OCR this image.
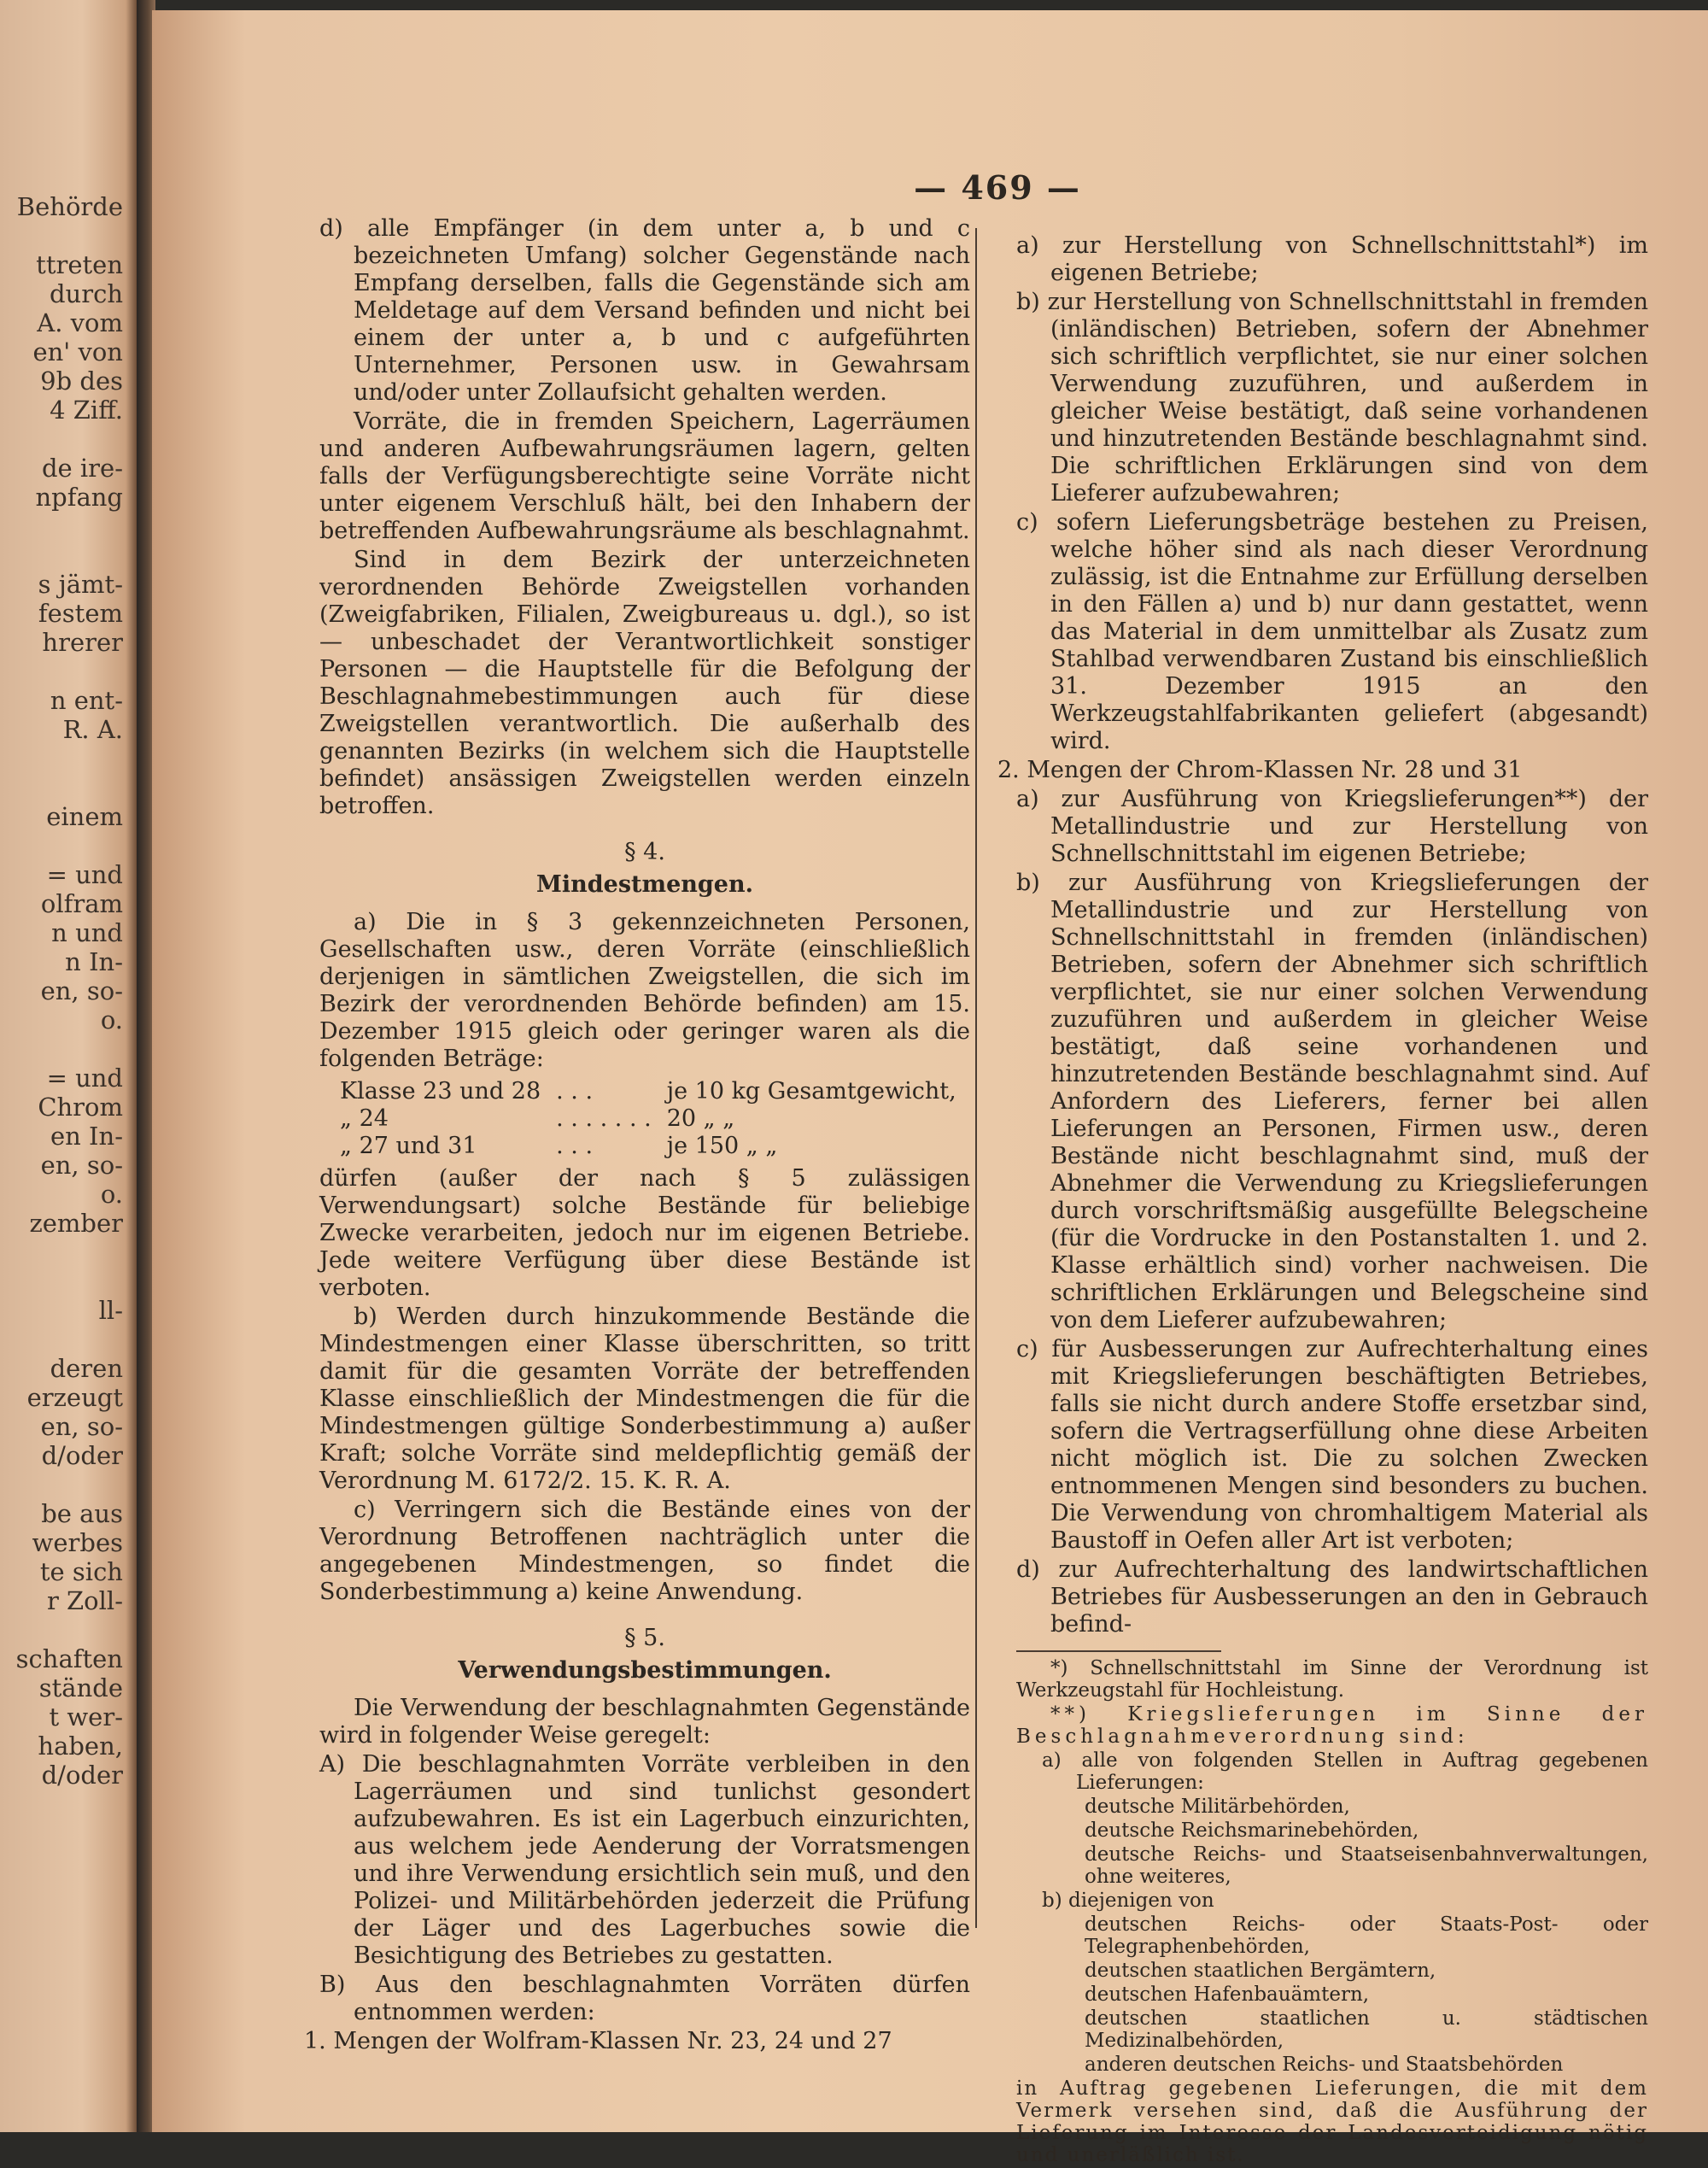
Behörde
ttreten
durch
A. vom
en' von
9b des
4 Ziff.
de ire-
npfang
s jämt-
festem
hrerer
n ent-
R. A.
einem
= und
olfram
n und
n In-
en, so-
o.
= und
Chrom
en In-
en, so-
o.
zember
ll-
deren
erzeugt
en, so-
d/oder
be aus
werbes
te sich
r Zoll-
schaften
stände
t wer-
haben,
d/oder
— 469 —

d) alle Empfänger (in dem unter a, b und c bezeichneten Umfang) solcher Gegenstände nach Empfang derselben, falls die Gegenstände sich am Meldetage auf dem Versand befinden und nicht bei einem der unter a, b und c aufgeführten Unternehmer, Personen usw. in Gewahrsam und/oder unter Zollaufsicht gehalten werden.

Vorräte, die in fremden Speichern, Lagerräumen und anderen Aufbewahrungsräumen lagern, gelten falls der Verfügungsberechtigte seine Vorräte nicht unter eigenem Verschluß hält, bei den Inhabern der betreffenden Aufbewahrungsräume als beschlagnahmt.

Sind in dem Bezirk der unterzeichneten verordnenden Behörde Zweigstellen vorhanden (Zweigfabriken, Filialen, Zweigbureaus u. dgl.), so ist — unbeschadet der Verantwortlichkeit sonstiger Personen — die Hauptstelle für die Befolgung der Beschlagnahmebestimmungen auch für diese Zweigstellen verantwortlich. Die außerhalb des genannten Bezirks (in welchem sich die Hauptstelle befindet) ansässigen Zweigstellen werden einzeln betroffen.

§ 4.
Mindestmengen.

a) Die in § 3 gekennzeichneten Personen, Gesellschaften usw., deren Vorräte (einschließlich derjenigen in sämtlichen Zweigstellen, die sich im Bezirk der verordnenden Behörde befinden) am 15. Dezember 1915 gleich oder geringer waren als die folgenden Beträge:

Klasse 23 und 28	. . .	je 10 kg Gesamtgewicht,
„ 24	. . . . . . .	20 „ „
„ 27 und 31	. . .	je 150 „ „

dürfen (außer der nach § 5 zulässigen Verwendungsart) solche Bestände für beliebige Zwecke verarbeiten, jedoch nur im eigenen Betriebe. Jede weitere Verfügung über diese Bestände ist verboten.

b) Werden durch hinzukommende Bestände die Mindestmengen einer Klasse überschritten, so tritt damit für die gesamten Vorräte der betreffenden Klasse einschließlich der Mindestmengen die für die Mindestmengen gültige Sonderbestimmung a) außer Kraft; solche Vorräte sind meldepflichtig gemäß der Verordnung M. 6172/2. 15. K. R. A.

c) Verringern sich die Bestände eines von der Verordnung Betroffenen nachträglich unter die angegebenen Mindestmengen, so findet die Sonderbestimmung a) keine Anwendung.

§ 5.
Verwendungsbestimmungen.

Die Verwendung der beschlagnahmten Gegenstände wird in folgender Weise geregelt:

A) Die beschlagnahmten Vorräte verbleiben in den Lagerräumen und sind tunlichst gesondert aufzubewahren. Es ist ein Lagerbuch einzurichten, aus welchem jede Aenderung der Vorratsmengen und ihre Verwendung ersichtlich sein muß, und den Polizei- und Militärbehörden jederzeit die Prüfung der Läger und des Lagerbuches sowie die Besichtigung des Betriebes zu gestatten.

B) Aus den beschlagnahmten Vorräten dürfen entnommen werden:

1. Mengen der Wolfram-Klassen Nr. 23, 24 und 27

a) zur Herstellung von Schnellschnittstahl*) im eigenen Betriebe;

b) zur Herstellung von Schnellschnittstahl in fremden (inländischen) Betrieben, sofern der Abnehmer sich schriftlich verpflichtet, sie nur einer solchen Verwendung zuzuführen, und außerdem in gleicher Weise bestätigt, daß seine vorhandenen und hinzutretenden Bestände beschlagnahmt sind. Die schriftlichen Erklärungen sind von dem Lieferer aufzubewahren;

c) sofern Lieferungsbeträge bestehen zu Preisen, welche höher sind als nach dieser Verordnung zulässig, ist die Entnahme zur Erfüllung derselben in den Fällen a) und b) nur dann gestattet, wenn das Material in dem unmittelbar als Zusatz zum Stahlbad verwendbaren Zustand bis einschließlich 31. Dezember 1915 an den Werkzeugstahlfabrikanten geliefert (abgesandt) wird.

2. Mengen der Chrom-Klassen Nr. 28 und 31

a) zur Ausführung von Kriegslieferungen**) der Metallindustrie und zur Herstellung von Schnellschnittstahl im eigenen Betriebe;

b) zur Ausführung von Kriegslieferungen der Metallindustrie und zur Herstellung von Schnellschnittstahl in fremden (inländischen) Betrieben, sofern der Abnehmer sich schriftlich verpflichtet, sie nur einer solchen Verwendung zuzuführen und außerdem in gleicher Weise bestätigt, daß seine vorhandenen und hinzutretenden Bestände beschlagnahmt sind. Auf Anfordern des Lieferers, ferner bei allen Lieferungen an Personen, Firmen usw., deren Bestände nicht beschlagnahmt sind, muß der Abnehmer die Verwendung zu Kriegslieferungen durch vorschriftsmäßig ausgefüllte Belegscheine (für die Vordrucke in den Postanstalten 1. und 2. Klasse erhältlich sind) vorher nachweisen. Die schriftlichen Erklärungen und Belegscheine sind von dem Lieferer aufzubewahren;

c) für Ausbesserungen zur Aufrechterhaltung eines mit Kriegslieferungen beschäftigten Betriebes, falls sie nicht durch andere Stoffe ersetzbar sind, sofern die Vertragserfüllung ohne diese Arbeiten nicht möglich ist. Die zu solchen Zwecken entnommenen Mengen sind besonders zu buchen. Die Verwendung von chromhaltigem Material als Baustoff in Oefen aller Art ist verboten;

d) zur Aufrechterhaltung des landwirtschaftlichen Betriebes für Ausbesserungen an den in Gebrauch befind-

*) Schnellschnittstahl im Sinne der Verordnung ist Werkzeugstahl für Hochleistung.

**) Kriegslieferungen im Sinne der Beschlagnahmeverordnung sind:

a) alle von folgenden Stellen in Auftrag gegebenen Lieferungen:

deutsche Militärbehörden,

deutsche Reichsmarinebehörden,

deutsche Reichs- und Staatseisenbahnverwaltungen, ohne weiteres,

b) diejenigen von

deutschen Reichs- oder Staats-Post- oder Telegraphenbehörden,

deutschen staatlichen Bergämtern,

deutschen Hafenbauämtern,

deutschen staatlichen u. städtischen Medizinalbehörden,

anderen deutschen Reichs- und Staatsbehörden

in Auftrag gegebenen Lieferungen, die mit dem Vermerk versehen sind, daß die Ausführung der Lieferung im Interesse der Landesverteidigung nötig und unerläßlich ist.
